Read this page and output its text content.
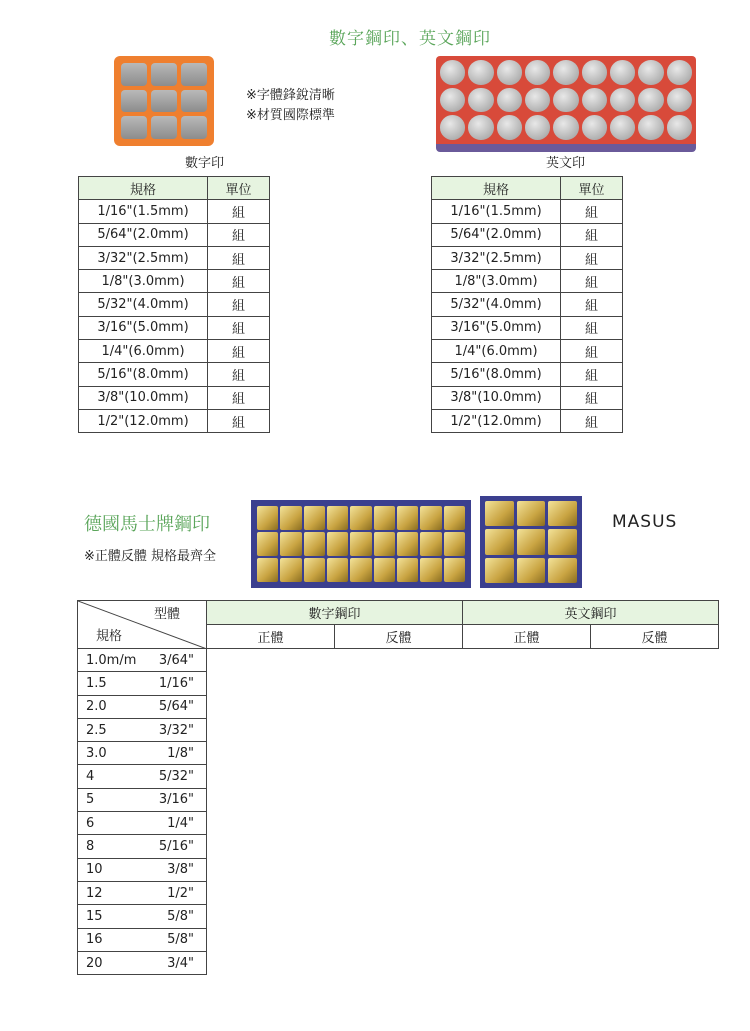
數字鋼印、英文鋼印
※字體鋒銳清晰
※材質國際標準
數字印	英文印
規格	單位
1/16"(1.5mm)	組
5/64"(2.0mm)	組
3/32"(2.5mm)	組
1/8"(3.0mm)	組
5/32"(4.0mm)	組
3/16"(5.0mm)	組
1/4"(6.0mm)	組
5/16"(8.0mm)	組
3/8"(10.0mm)	組
1/2"(12.0mm)	組
規格	單位
1/16"(1.5mm)	組
5/64"(2.0mm)	組
3/32"(2.5mm)	組
1/8"(3.0mm)	組
5/32"(4.0mm)	組
3/16"(5.0mm)	組
1/4"(6.0mm)	組
5/16"(8.0mm)	組
3/8"(10.0mm)	組
1/2"(12.0mm)	組
德國馬士牌鋼印
※正體反體 規格最齊全
MASUS
型體
規格

1.0m/m 3/64"
1.5	1/16"
2.0	5/64"
2.5	3/32"
3.0	1/8"
4	5/32"
5	3/16"
6	1/4"
8	5/16"
10	3/8"
12	1/2"
15	5/8"
16	5/8"
20	3/4"
數字鋼印		英文鋼印	
正體	反體	正體	反體
